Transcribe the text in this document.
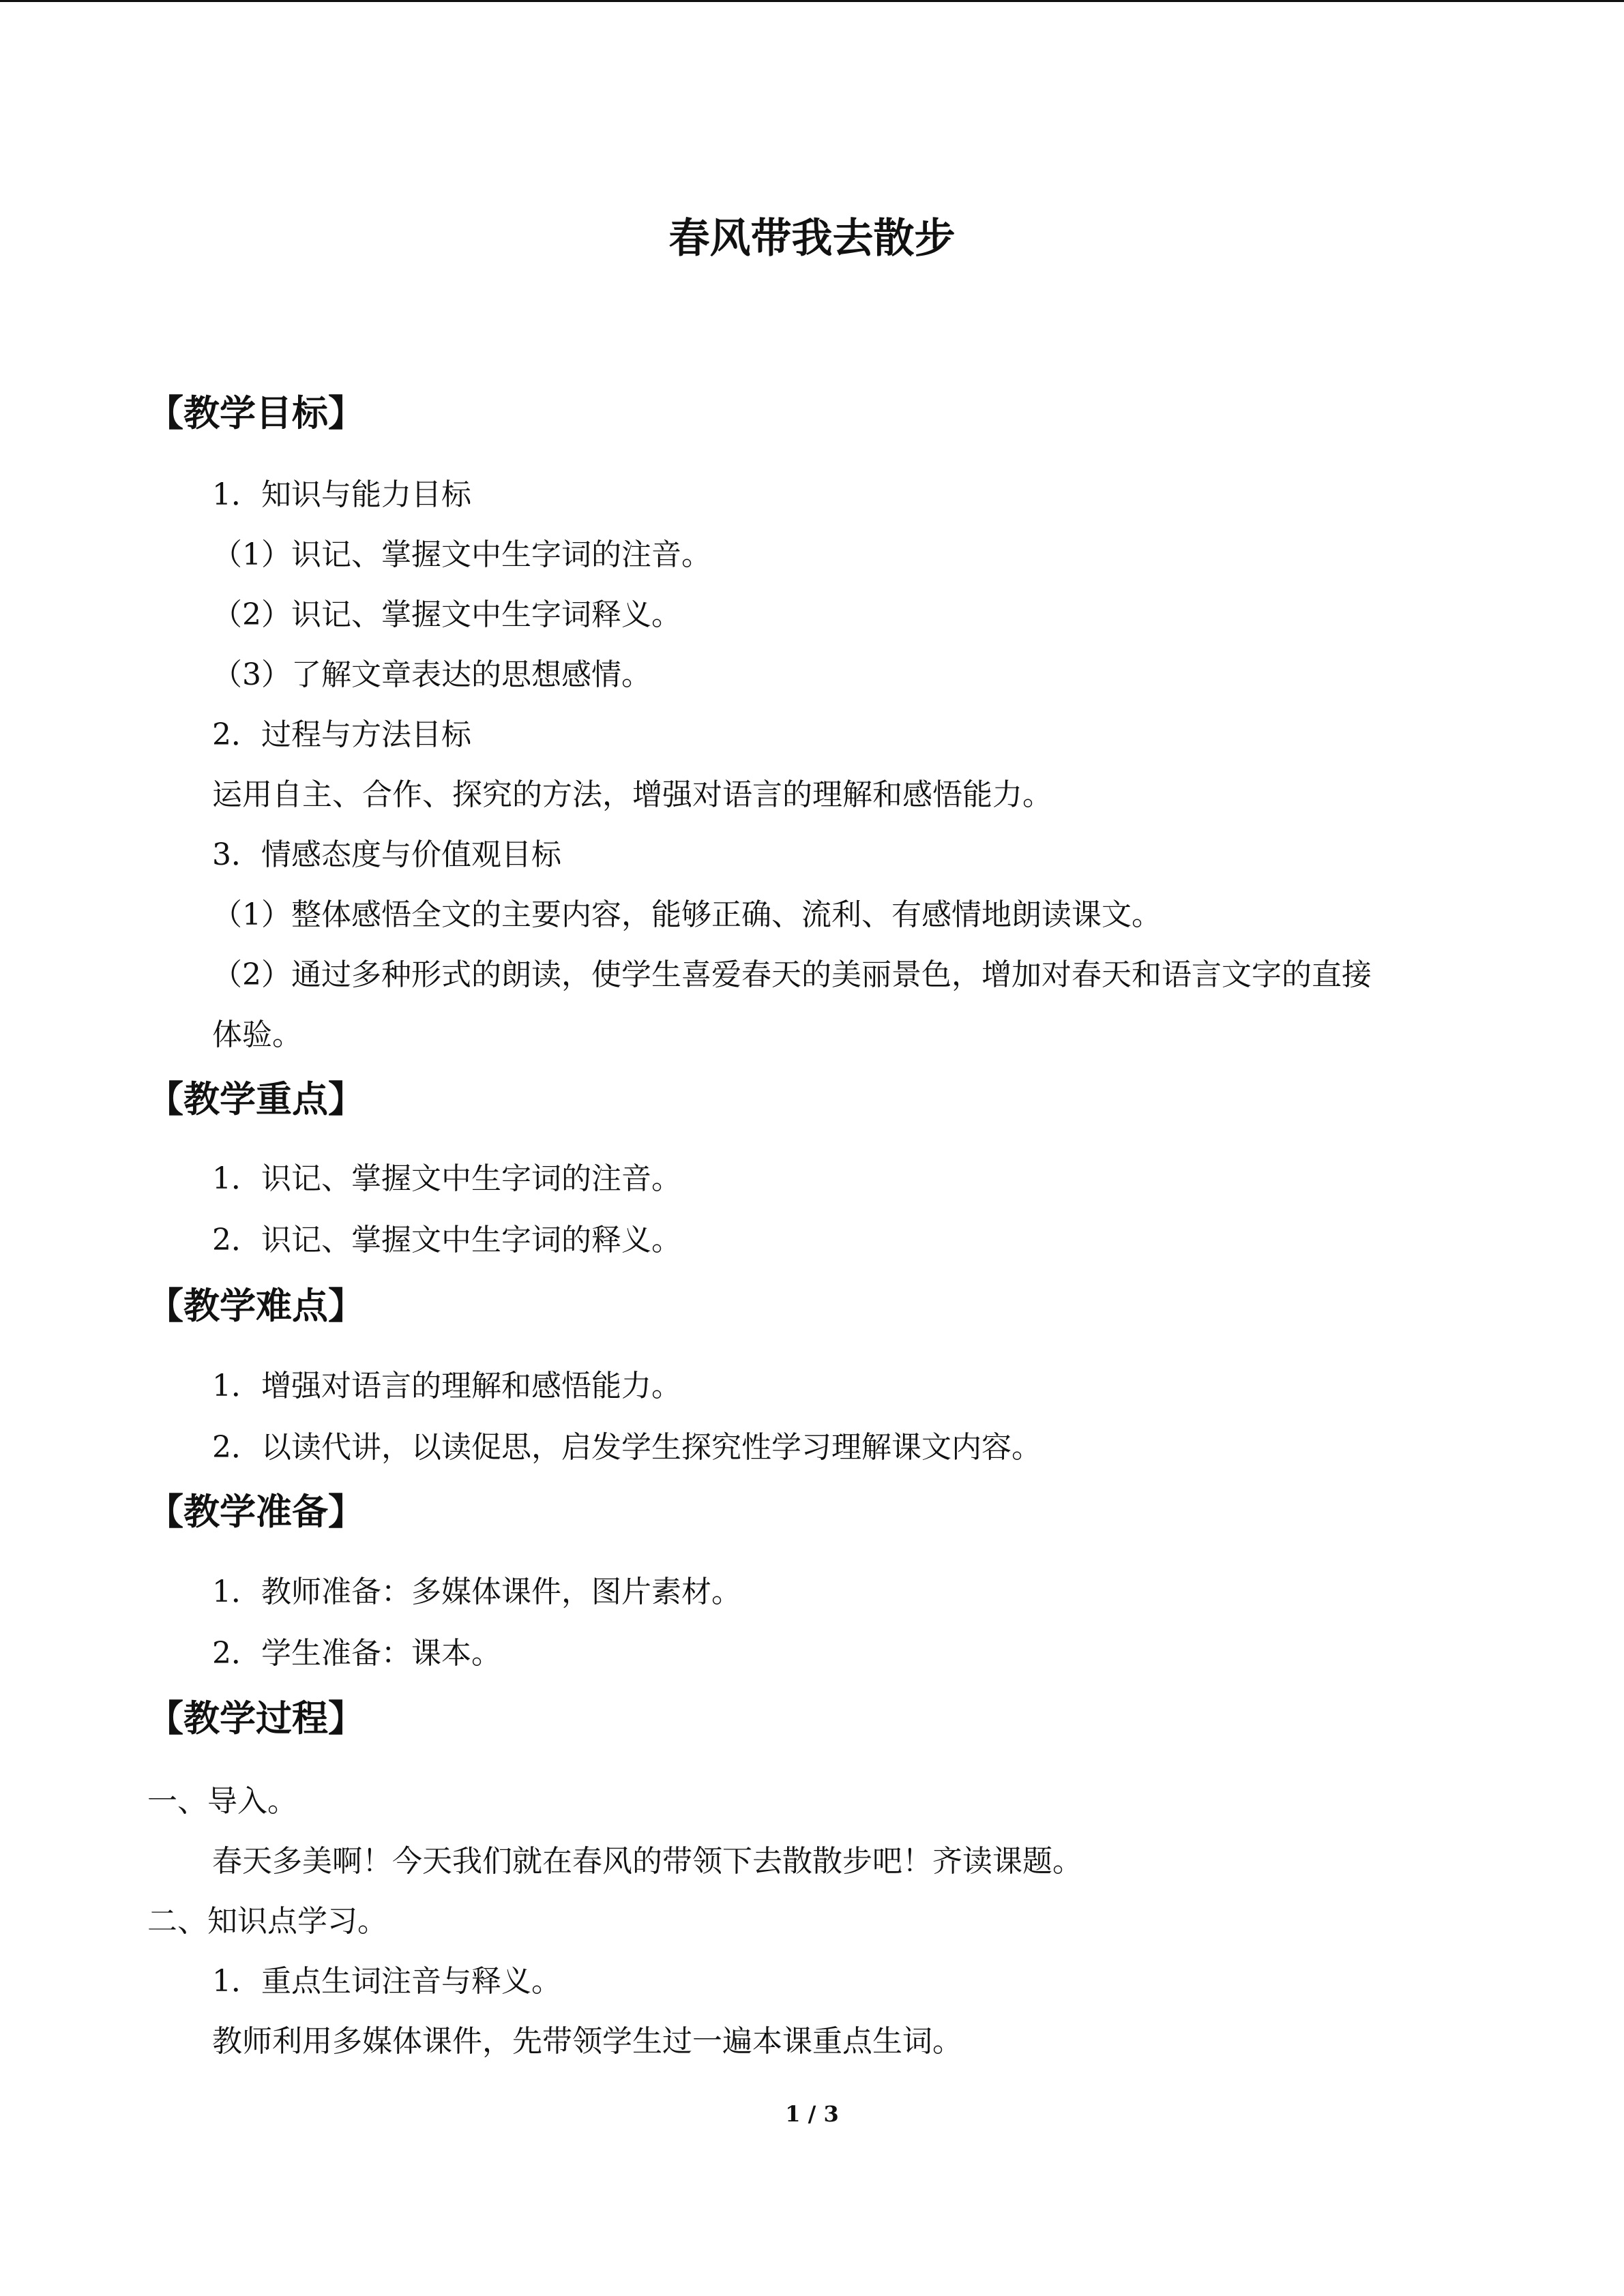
春风带我去散步
【教学目标】
1．知识与能力目标
（1）识记、掌握文中生字词的注音。
（2）识记、掌握文中生字词释义。
（3）了解文章表达的思想感情。
2．过程与方法目标
运用自主、合作、探究的方法，增强对语言的理解和感悟能力。
3．情感态度与价值观目标
（1）整体感悟全文的主要内容，能够正确、流利、有感情地朗读课文。
（2）通过多种形式的朗读，使学生喜爱春天的美丽景色，增加对春天和语言文字的直接
体验。
【教学重点】
1．识记、掌握文中生字词的注音。
2．识记、掌握文中生字词的释义。
【教学难点】
1．增强对语言的理解和感悟能力。
2．以读代讲，以读促思，启发学生探究性学习理解课文内容。
【教学准备】
1．教师准备：多媒体课件，图片素材。
2．学生准备：课本。
【教学过程】
一、导入。
春天多美啊！今天我们就在春风的带领下去散散步吧！齐读课题。
二、知识点学习。
1．重点生词注音与释义。
教师利用多媒体课件，先带领学生过一遍本课重点生词。
1 / 3
